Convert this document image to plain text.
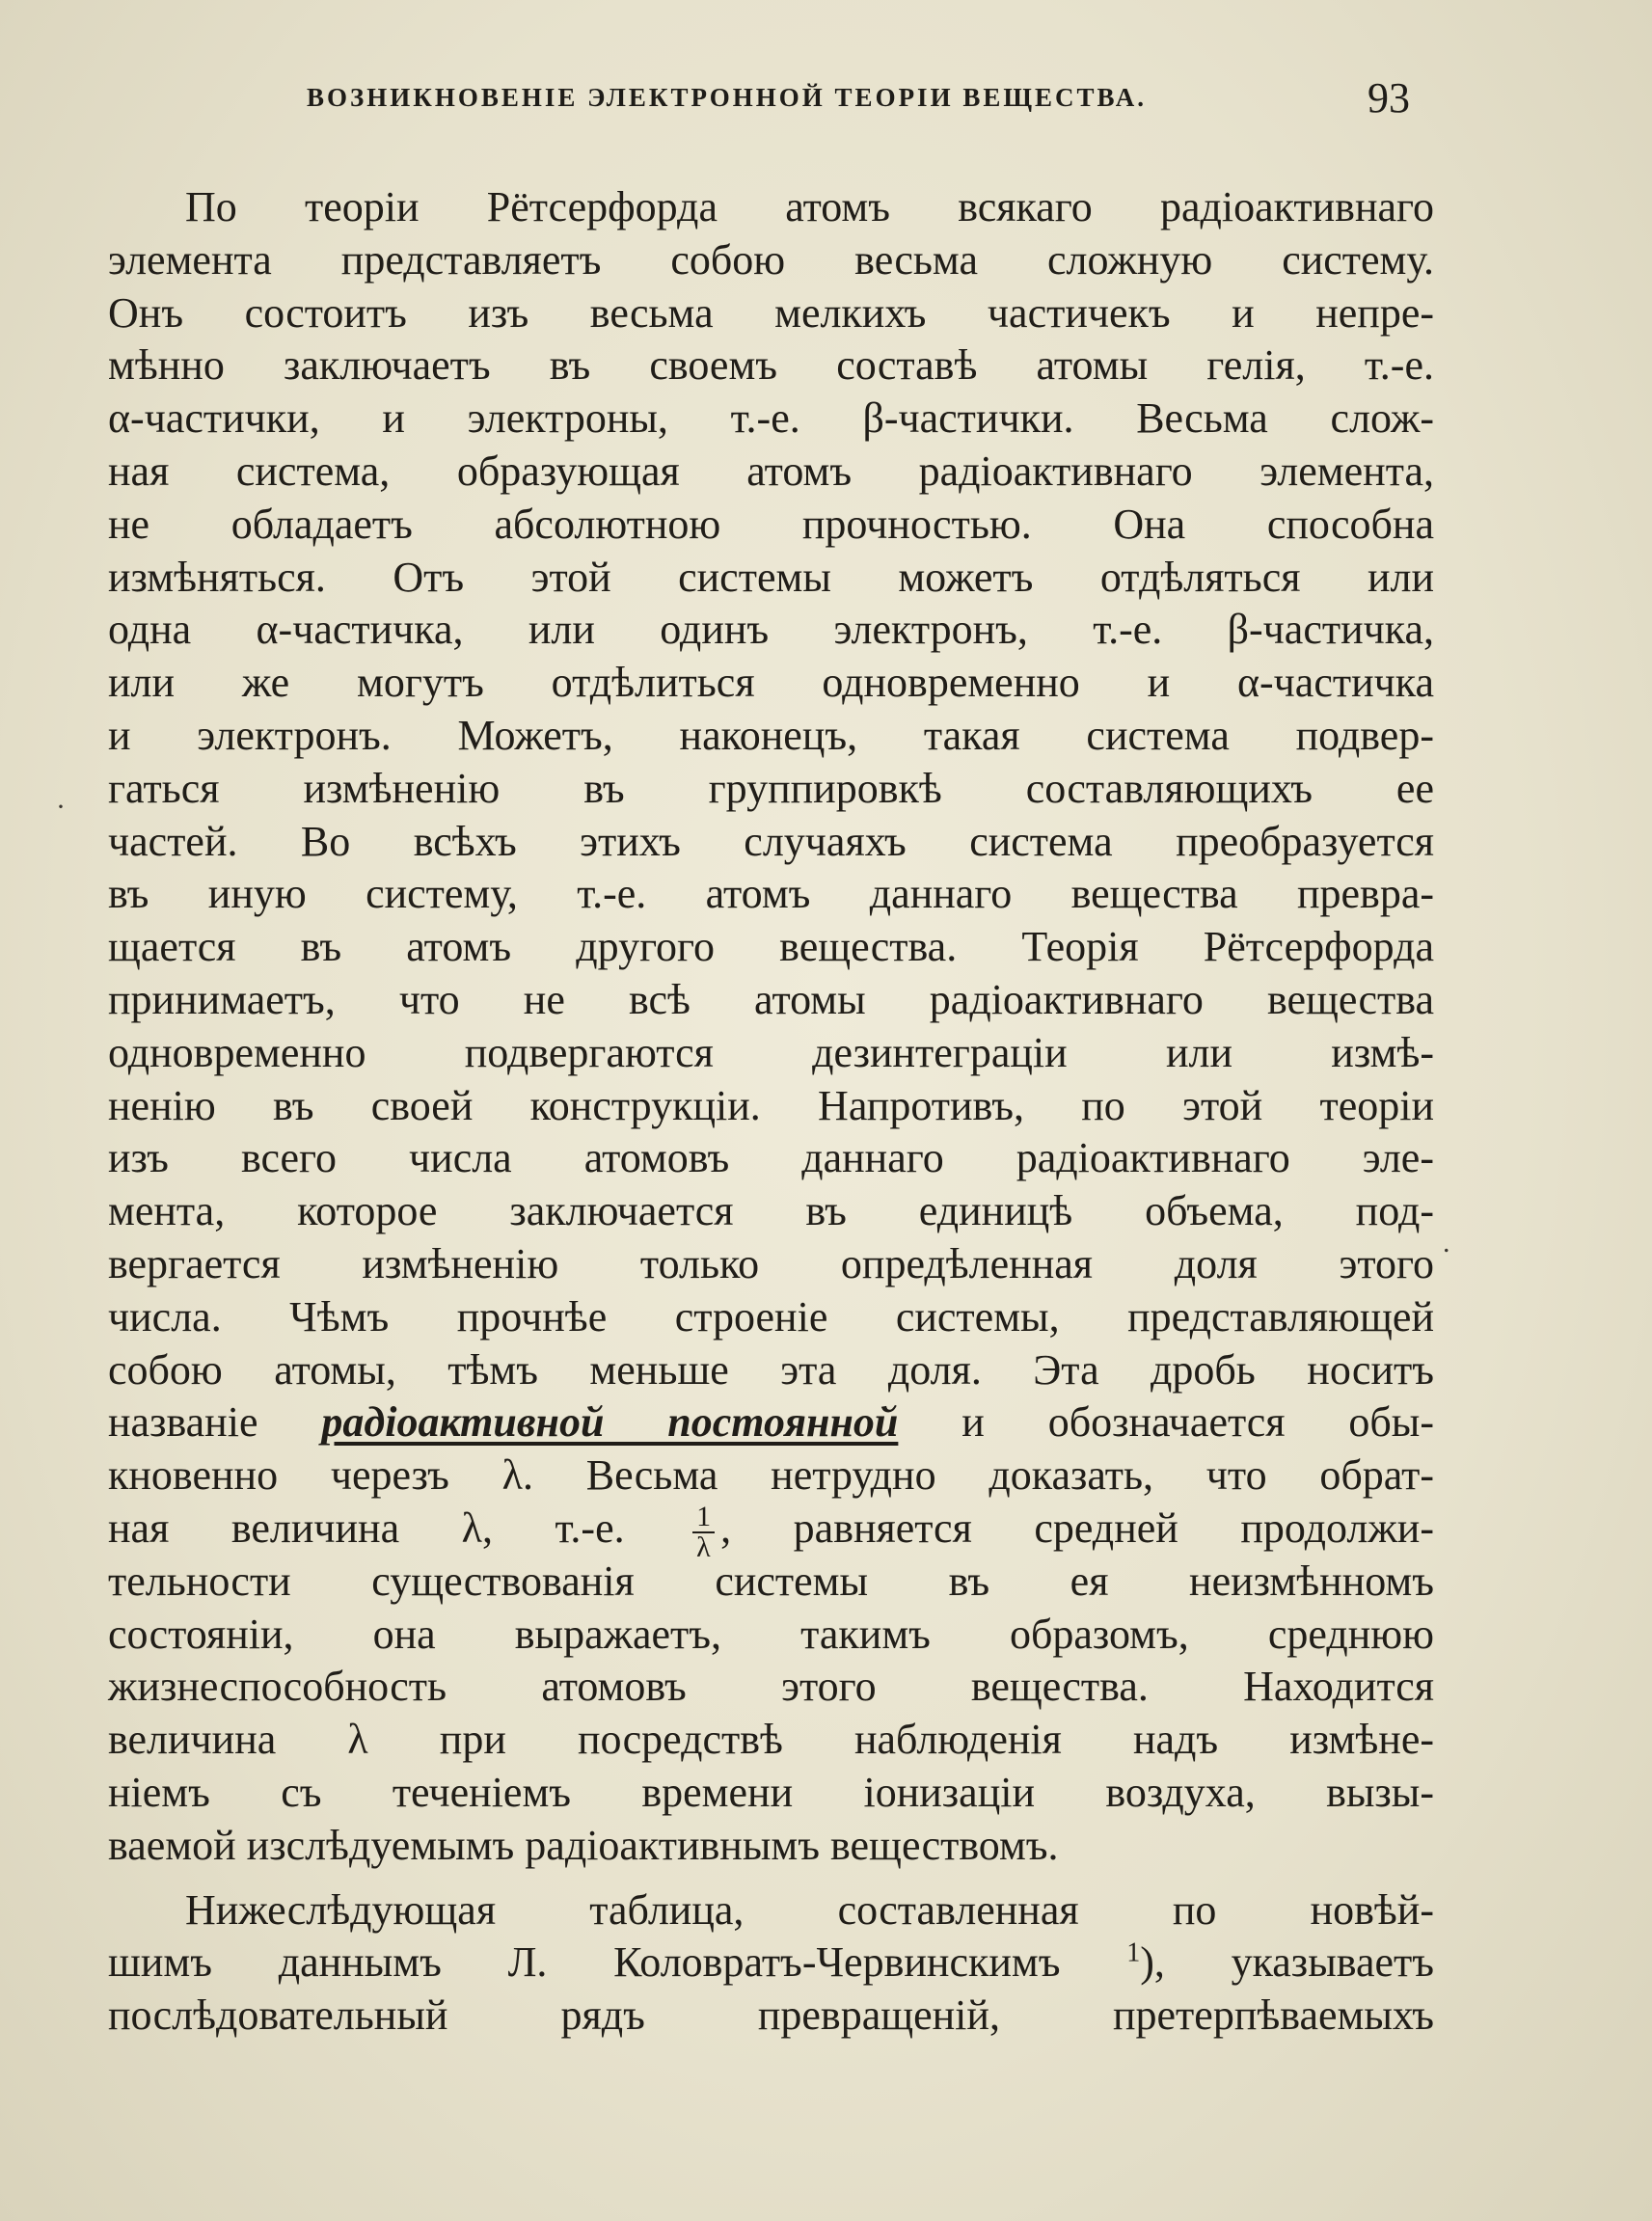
ВОЗНИКНОВЕНІЕ ЭЛЕКТРОННОЙ ТЕОРІИ ВЕЩЕСТВА.	93
По теоріи Рётсерфорда атомъ всякаго радіоактивнаго
элемента представляетъ собою весьма сложную систему.
Онъ состоитъ изъ весьма мелкихъ частичекъ и непре-
мѣнно заключаетъ въ своемъ составѣ атомы гелія, т.-е.
α-частички, и электроны, т.-е. β-частички. Весьма слож-
ная система, образующая атомъ радіоактивнаго элемента,
не обладаетъ абсолютною прочностью. Она способна
измѣняться. Отъ этой системы можетъ отдѣляться или
одна α-частичка, или одинъ электронъ, т.-е. β-частичка,
или же могутъ отдѣлиться одновременно и α-частичка
и электронъ. Можетъ, наконецъ, такая система подвер-
гаться измѣненію въ группировкѣ составляющихъ ее
частей. Во всѣхъ этихъ случаяхъ система преобразуется
въ иную систему, т.-е. атомъ даннаго вещества превра-
щается въ атомъ другого вещества. Теорія Рётсерфорда
принимаетъ, что не всѣ атомы радіоактивнаго вещества
одновременно подвергаются дезинтеграціи или измѣ-
ненію въ своей конструкціи. Напротивъ, по этой теоріи
изъ всего числа атомовъ даннаго радіоактивнаго эле-
мента, которое заключается въ единицѣ объема, под-
вергается измѣненію только опредѣленная доля этого
числа. Чѣмъ прочнѣе строеніе системы, представляющей
собою атомы, тѣмъ меньше эта доля. Эта дробь носитъ
названіе радіоактивной постоянной и обозначается обы-
кновенно черезъ λ. Весьма нетрудно доказать, что обрат-
ная величина λ, т.-е. $\frac{1}{\lambda}$ , равняется средней продолжи-
тельности существованія системы въ ея неизмѣнномъ
состояніи, она выражаетъ, такимъ образомъ, среднюю
жизнеспособность атомовъ этого вещества. Находится
величина λ при посредствѣ наблюденія надъ измѣне-
ніемъ съ теченіемъ времени іонизаціи воздуха, вызы-
ваемой изслѣдуемымъ радіоактивнымъ веществомъ.
Нижеслѣдующая таблица, составленная по новѣй-
шимъ даннымъ Л. Коловратъ-Червинскимъ $^1$), указываетъ
послѣдовательный рядъ превращеній, претерпѣваемыхъ
·
.
